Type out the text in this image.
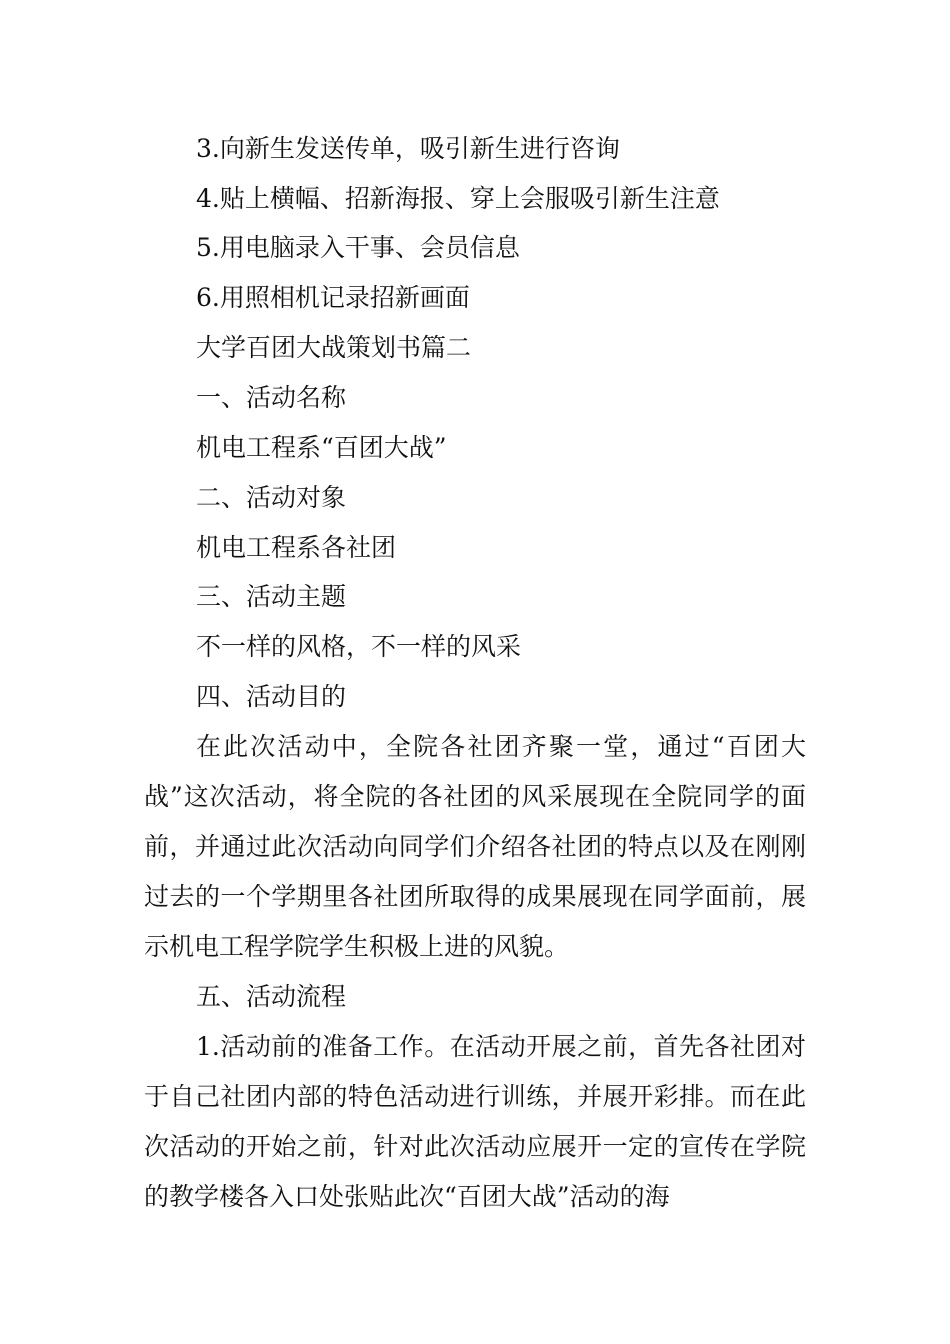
3.向新生发送传单，吸引新生进行咨询
4.贴上横幅、招新海报、穿上会服吸引新生注意
5.用电脑录入干事、会员信息
6.用照相机记录招新画面
大学百团大战策划书篇二
一、活动名称
机电工程系“百团大战”
二、活动对象
机电工程系各社团
三、活动主题
不一样的风格，不一样的风采
四、活动目的
在此次活动中，全院各社团齐聚一堂，通过“百团大战”这次活动，将全院的各社团的风采展现在全院同学的面前，并通过此次活动向同学们介绍各社团的特点以及在刚刚过去的一个学期里各社团所取得的成果展现在同学面前，展示机电工程学院学生积极上进的风貌。
五、活动流程
1.活动前的准备工作。在活动开展之前，首先各社团对于自己社团内部的特色活动进行训练，并展开彩排。而在此次活动的开始之前，针对此次活动应展开一定的宣传在学院的教学楼各入口处张贴此次“百团大战”活动的海
